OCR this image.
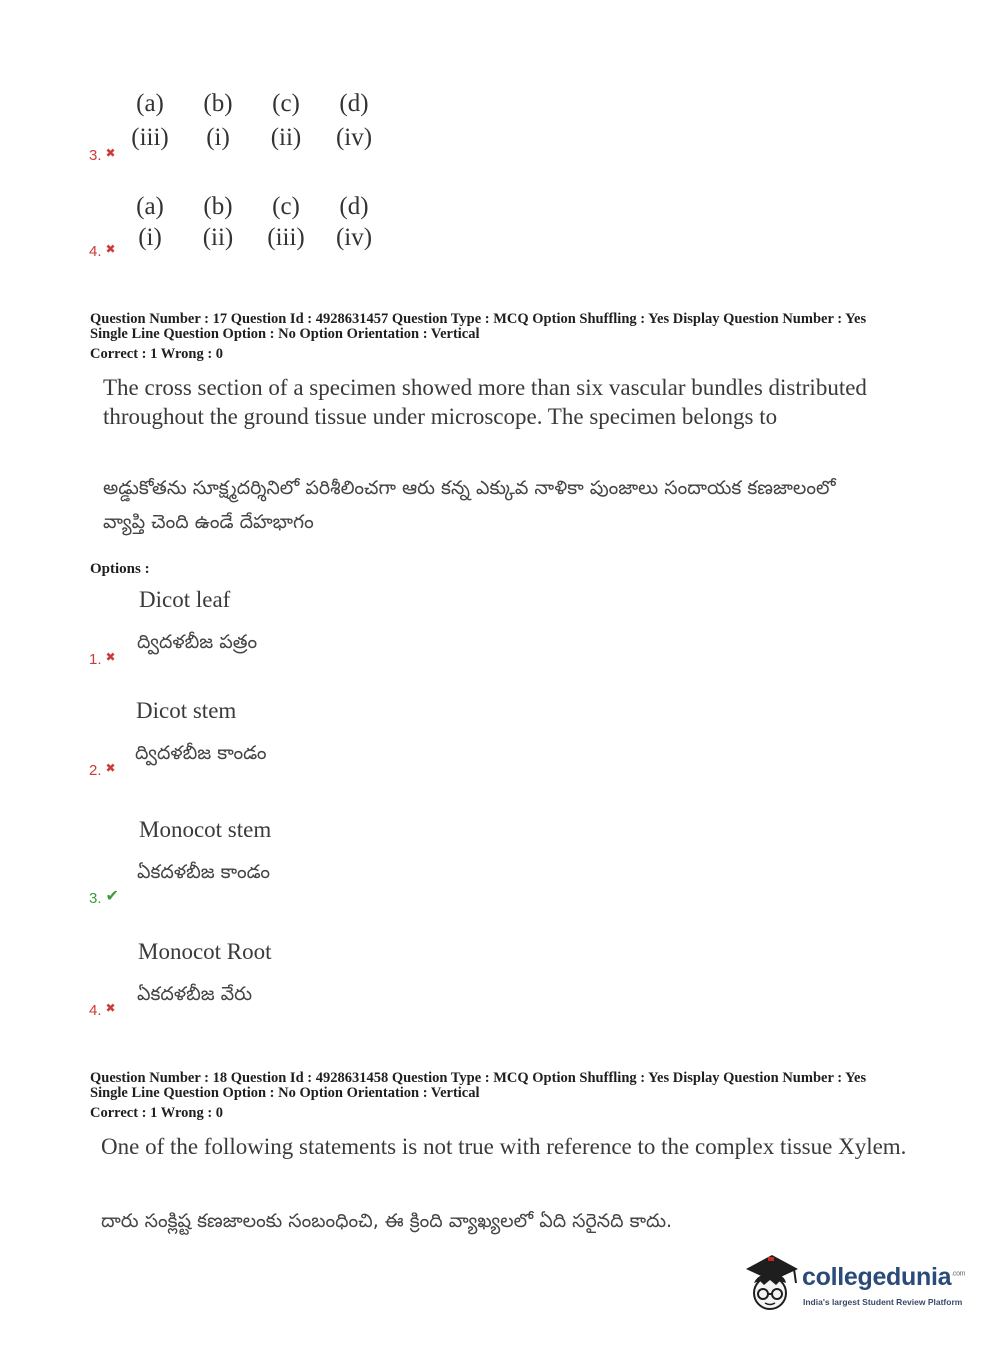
(a)	(b)	(c)	(d)
(iii)	(i)	(ii)	(iv)
3. ✖
(a)	(b)	(c)	(d)
(i)	(ii)	(iii)	(iv)
4. ✖
Question Number : 17 Question Id : 4928631457 Question Type : MCQ Option Shuffling : Yes Display Question Number : Yes
Single Line Question Option : No Option Orientation : Vertical
Correct : 1 Wrong : 0
The cross section of a specimen showed more than six vascular bundles distributed
throughout the ground tissue under microscope. The specimen belongs to
అడ్డుకోతను సూక్ష్మదర్శినిలో పరిశీలించగా ఆరు కన్న ఎక్కువ నాళికా పుంజాలు సందాయక కణజాలంలో
వ్యాప్తి చెంది ఉండే దేహభాగం
Options :
Dicot leaf
ద్విదళబీజ పత్రం
1. ✖
Dicot stem
ద్విదళబీజ కాండం
2. ✖
Monocot stem
ఏకదళబీజ కాండం
3. ✔
Monocot Root
ఏకదళబీజ వేరు
4. ✖
Question Number : 18 Question Id : 4928631458 Question Type : MCQ Option Shuffling : Yes Display Question Number : Yes
Single Line Question Option : No Option Orientation : Vertical
Correct : 1 Wrong : 0
One of the following statements is not true with reference to the complex tissue Xylem.
దారు సంక్లిష్ట కణజాలంకు సంబంధించి, ఈ క్రింది వ్యాఖ్యలలో ఏది సరైనది కాదు.
collegedunia$^{.com}$
India's largest Student Review Platform
